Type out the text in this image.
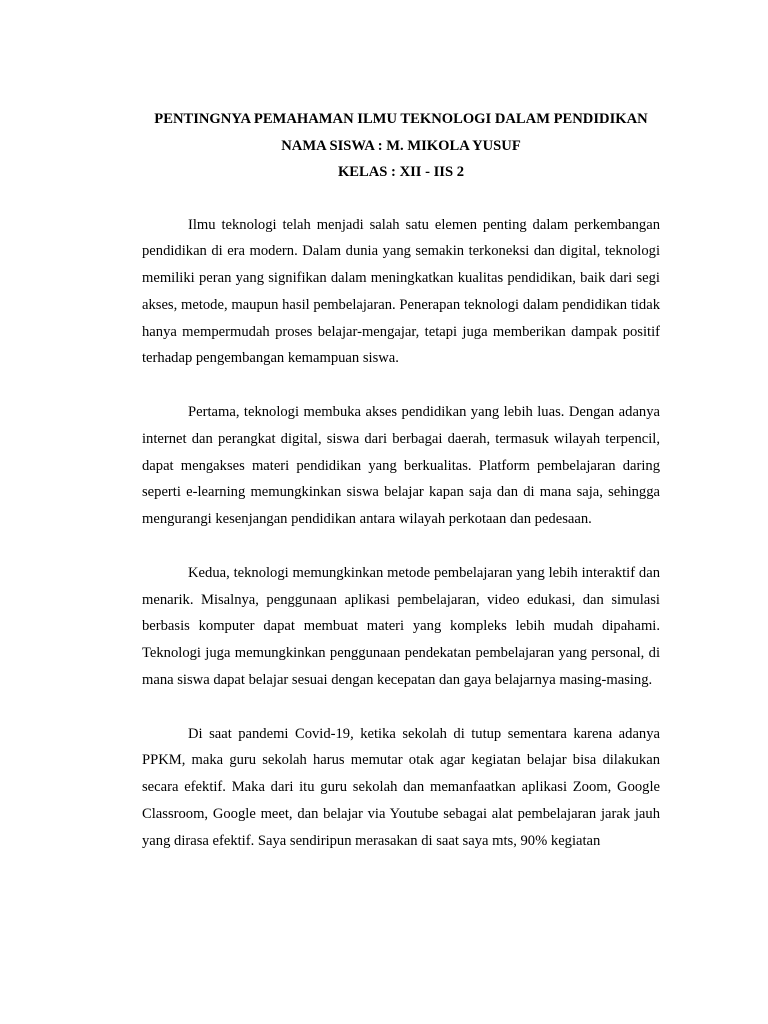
PENTINGNYA PEMAHAMAN ILMU TEKNOLOGI DALAM PENDIDIKAN
NAMA SISWA : M. MIKOLA YUSUF
KELAS : XII - IIS 2

Ilmu teknologi telah menjadi salah satu elemen penting dalam perkembangan pendidikan di era modern. Dalam dunia yang semakin terkoneksi dan digital, teknologi memiliki peran yang signifikan dalam meningkatkan kualitas pendidikan, baik dari segi akses, metode, maupun hasil pembelajaran. Penerapan teknologi dalam pendidikan tidak hanya mempermudah proses belajar-mengajar, tetapi juga memberikan dampak positif terhadap pengembangan kemampuan siswa.

Pertama, teknologi membuka akses pendidikan yang lebih luas. Dengan adanya internet dan perangkat digital, siswa dari berbagai daerah, termasuk wilayah terpencil, dapat mengakses materi pendidikan yang berkualitas. Platform pembelajaran daring seperti e-learning memungkinkan siswa belajar kapan saja dan di mana saja, sehingga mengurangi kesenjangan pendidikan antara wilayah perkotaan dan pedesaan.

Kedua, teknologi memungkinkan metode pembelajaran yang lebih interaktif dan menarik. Misalnya, penggunaan aplikasi pembelajaran, video edukasi, dan simulasi berbasis komputer dapat membuat materi yang kompleks lebih mudah dipahami. Teknologi juga memungkinkan penggunaan pendekatan pembelajaran yang personal, di mana siswa dapat belajar sesuai dengan kecepatan dan gaya belajarnya masing-masing.

Di saat pandemi Covid-19, ketika sekolah di tutup sementara karena adanya PPKM, maka guru sekolah harus memutar otak agar kegiatan belajar bisa dilakukan secara efektif. Maka dari itu guru sekolah dan memanfaatkan aplikasi Zoom, Google Classroom, Google meet, dan belajar via Youtube sebagai alat pembelajaran jarak jauh yang dirasa efektif. Saya sendiripun merasakan di saat saya mts, 90% kegiatan
